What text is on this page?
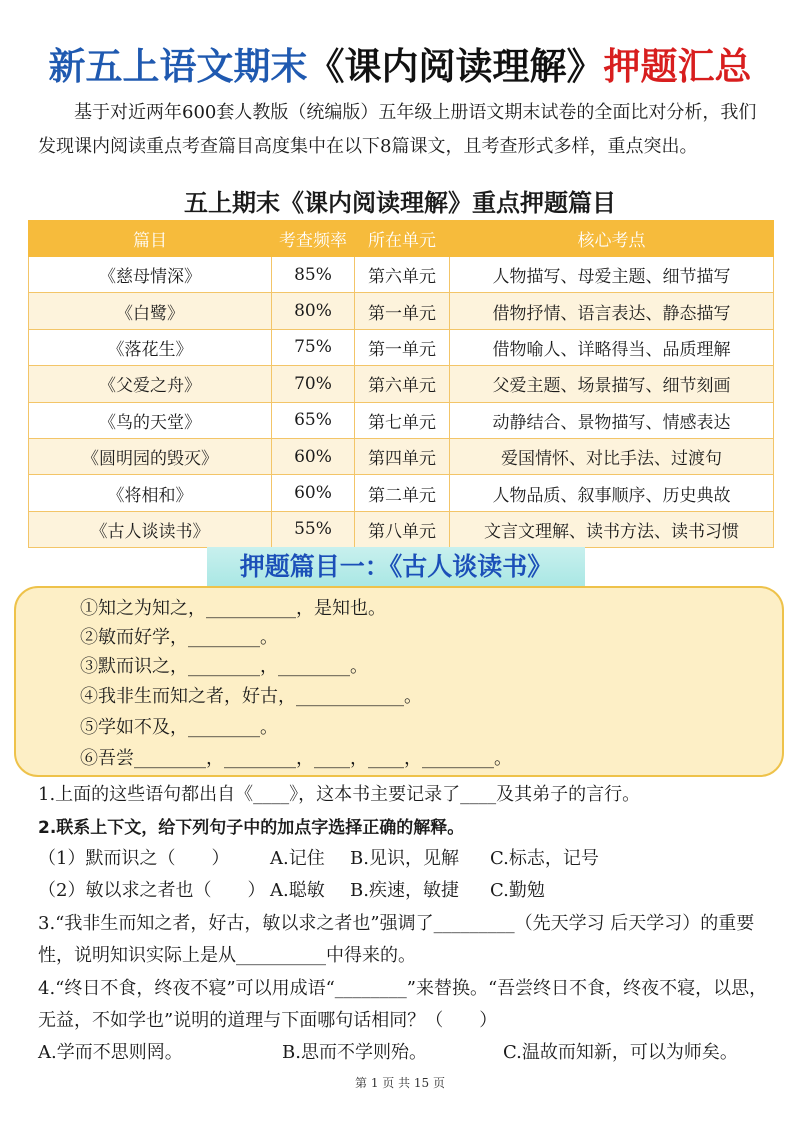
新五上语文期末《课内阅读理解》押题汇总

基于对近两年600套人教版（统编版）五年级上册语文期末试卷的全面比对分析，我们发现课内阅读重点考查篇目高度集中在以下8篇课文，且考查形式多样，重点突出。

五上期末《课内阅读理解》重点押题篇目
篇目	考查频率	所在单元	核心考点
《慈母情深》	85%	第六单元	人物描写、母爱主题、细节描写
《白鹭》	80%	第一单元	借物抒情、语言表达、静态描写
《落花生》	75%	第一单元	借物喻人、详略得当、品质理解
《父爱之舟》	70%	第六单元	父爱主题、场景描写、细节刻画
《鸟的天堂》	65%	第七单元	动静结合、景物描写、情感表达
《圆明园的毁灭》	60%	第四单元	爱国情怀、对比手法、过渡句
《将相和》	60%	第二单元	人物品质、叙事顺序、历史典故
《古人谈读书》	55%	第八单元	文言文理解、读书方法、读书习惯
押题篇目一：《古人谈读书》
①知之为知之，__________，是知也。
②敏而好学，________。
③默而识之，________，________。
④我非生而知之者，好古，____________。
⑤学如不及，________。
⑥吾尝________，________，____，____，________。
1.上面的这些语句都出自《____》，这本书主要记录了____及其弟子的言行。
2.联系上下文，给下列句子中的加点字选择正确的解释。
（1）默而识之（　　） A.记住 B.见识，见解 C.标志，记号
（2）敏以求之者也（　　） A.聪敏 B.疾速，敏捷 C.勤勉
3.“我非生而知之者，好古，敏以求之者也”强调了_________（先天学习 后天学习）的重要性，说明知识实际上是从__________中得来的。
4.“终日不食，终夜不寝”可以用成语“________”来替换。“吾尝终日不食，终夜不寝，以思，无益，不如学也”说明的道理与下面哪句话相同？（　　）
A.学而不思则罔。	B.思而不学则殆。	C.温故而知新，可以为师矣。
第 1 页 共 15 页
